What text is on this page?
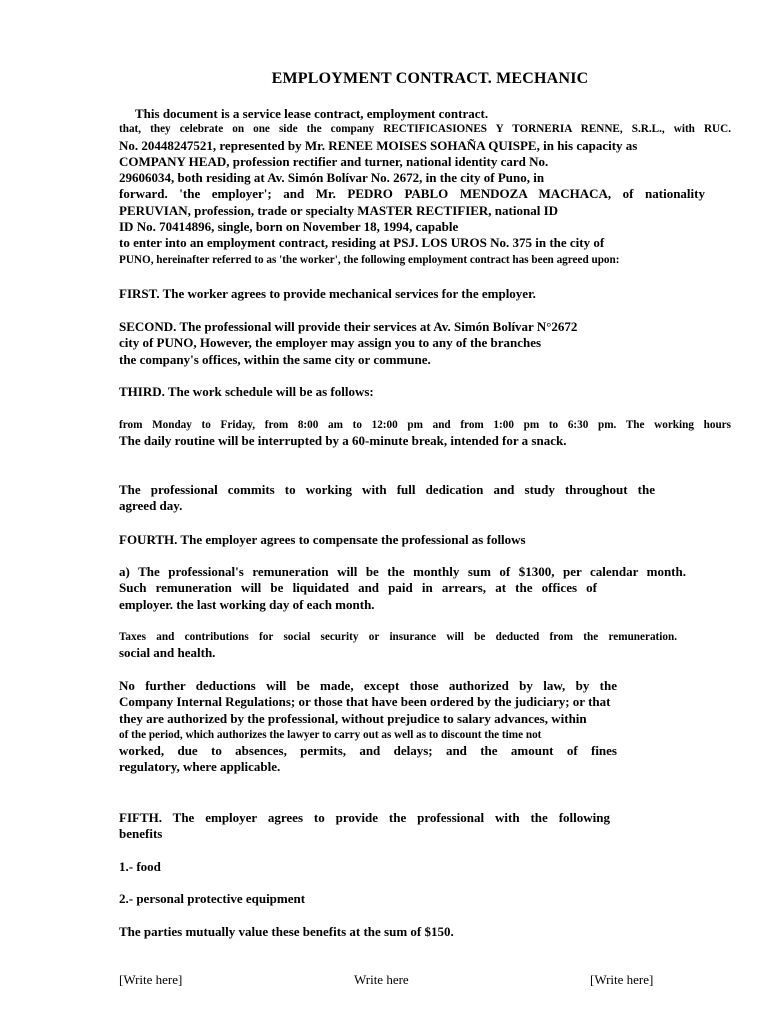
EMPLOYMENT CONTRACT. MECHANIC
This document is a service lease contract, employment contract.
that, they celebrate on one side the company RECTIFICASIONES Y TORNERIA RENNE, S.R.L., with RUC.
No. 20448247521, represented by Mr. RENEE MOISES SOHAÑA QUISPE, in his capacity as
COMPANY HEAD, profession rectifier and turner, national identity card No.
29606034, both residing at Av. Simón Bolívar No. 2672, in the city of Puno, in
forward. 'the employer'; and Mr. PEDRO PABLO MENDOZA MACHACA, of nationality
PERUVIAN, profession, trade or specialty MASTER RECTIFIER, national ID
ID No. 70414896, single, born on November 18, 1994, capable
to enter into an employment contract, residing at PSJ. LOS UROS No. 375 in the city of
PUNO, hereinafter referred to as 'the worker', the following employment contract has been agreed upon:
FIRST. The worker agrees to provide mechanical services for the employer.
SECOND. The professional will provide their services at Av. Simón Bolívar N°2672
city of PUNO, However, the employer may assign you to any of the branches
the company's offices, within the same city or commune.
THIRD. The work schedule will be as follows:
from Monday to Friday, from 8:00 am to 12:00 pm and from 1:00 pm to 6:30 pm. The working hours
The daily routine will be interrupted by a 60-minute break, intended for a snack.
The professional commits to working with full dedication and study throughout the
agreed day.
FOURTH. The employer agrees to compensate the professional as follows
a) The professional's remuneration will be the monthly sum of $1300, per calendar month.
Such remuneration will be liquidated and paid in arrears, at the offices of
employer. the last working day of each month.
Taxes and contributions for social security or insurance will be deducted from the remuneration.
social and health.
No further deductions will be made, except those authorized by law, by the
Company Internal Regulations; or those that have been ordered by the judiciary; or that
they are authorized by the professional, without prejudice to salary advances, within
of the period, which authorizes the lawyer to carry out as well as to discount the time not
worked, due to absences, permits, and delays; and the amount of fines
regulatory, where applicable.
FIFTH. The employer agrees to provide the professional with the following
benefits
1.- food
2.- personal protective equipment
The parties mutually value these benefits at the sum of $150.
[Write here]	Write here	[Write here]
